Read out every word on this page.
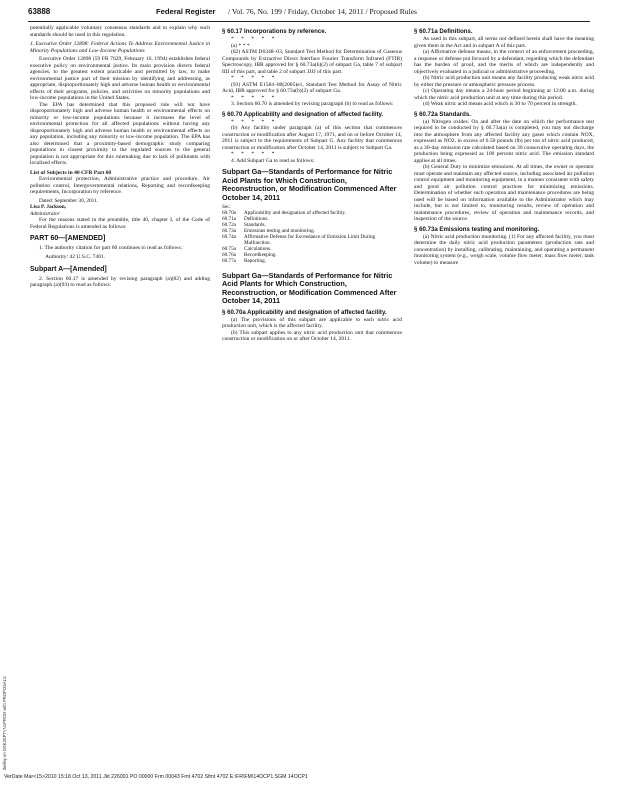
63888	Federal Register / Vol. 76, No. 199 / Friday, October 14, 2011 / Proposed Rules

potentially applicable voluntary consensus standards and to explain why such standards should be used in this regulation.

J. Executive Order 12898: Federal Actions To Address Environmental Justice in Minority Populations and Low-Income Populations

Executive Order 12898 (59 FR 7629, February 16, 1994) establishes federal executive policy on environmental justice. Its main provision directs federal agencies, to the greatest extent practicable and permitted by law, to make environmental justice part of their mission by identifying and addressing, as appropriate, disproportionately high and adverse human health or environmental effects of their programs, policies, and activities on minority populations and low-income populations in the United States.

The EPA has determined that this proposed rule will not have disproportionately high and adverse human health or environmental effects on minority or low-income populations because it increases the level of environmental protection for all affected populations without having any disproportionately high and adverse human health or environmental effects on any population, including any minority or low-income population. The EPA has also determined that a proximity-based demographic study comparing populations in closest proximity to the regulated sources to the general population is not appropriate for this rulemaking due to lack of pollutants with localized effects.

List of Subjects in 40 CFR Part 60

Environmental protection, Administrative practice and procedure, Air pollution control, Intergovernmental relations, Reporting and recordkeeping requirements, Incorporation by reference.

Dated: September 30, 2011.

Lisa P. Jackson,

Administrator

For the reasons stated in the preamble, title 40, chapter I, of the Code of Federal Regulations is amended as follows:

PART 60—[AMENDED]

1. The authority citation for part 60 continues to read as follows:

Authority: 42 U.S.C. 7401.

Subpart A—[Amended]

2. Section 60.17 is amended by revising paragraph (a)(82) and adding paragraph (a)(93) to read as follows:

§ 60.17 Incorporations by reference.

* * * * *

(a) * * *

(82) ASTM D6348–03, Standard Test Method for Determination of Gaseous Compounds by Extractive Direct Interface Fourier Transform Infrared (FTIR) Spectroscopy, IBR approved for § 60.73a(b)(2) of subpart Ga, table 7 of subpart IIII of this part, and table 2 of subpart JJJJ of this part.

* * * * *

(93) ASTM E1584–00(2005)e1, Standard Test Method for Assay of Nitric Acid, IBR approved for § 60.73a(b)(2) of subpart Ga.

* * * * *

3. Section 60.70 is amended by revising paragraph (b) to read as follows:

§ 60.70 Applicability and designation of affected facility.

* * * * *

(b) Any facility under paragraph (a) of this section that commences construction or modification after August 17, 1971, and on or before October 14, 2011 is subject to the requirements of Subpart G. Any facility that commences construction or modification after October 14, 2011 is subject to Subpart Ga.

* * * * *

4. Add Subpart Ga to read as follows:

Subpart Ga—Standards of Performance for Nitric Acid Plants for Which Construction, Reconstruction, or Modification Commenced After October 14, 2011
Sec.
60.70a	Applicability and designation of affected facility.
60.71a	Definitions.
60.72a	Standards.
60.73a	Emissions testing and monitoring.
60.74a	Affirmative Defense for Exceedance of Emission Limit During Malfunction.
60.75a	Calculations.
60.76a	Recordkeeping.
60.77a	Reporting.
Subpart Ga—Standards of Performance for Nitric Acid Plants for Which Construction, Reconstruction, or Modification Commenced After October 14, 2011
§ 60.70a Applicability and designation of affected facility.

(a) The provisions of this subpart are applicable to each nitric acid production unit, which is the affected facility.

(b) This subpart applies to any nitric acid production unit that commences construction or modification on or after October 14, 2011.

§ 60.71a Definitions.

As used in this subpart, all terms not defined herein shall have the meaning given them in the Act and in subpart A of this part.

(a) Affirmative defense means, in the context of an enforcement proceeding, a response or defense put forward by a defendant, regarding which the defendant has the burden of proof, and the merits of which are independently and objectively evaluated in a judicial or administrative proceeding.

(b) Nitric acid production unit means any facility producing weak nitric acid by either the pressure or atmospheric pressure process.

(c) Operating day means a 24-hour period beginning at 12:00 a.m. during which the nitric acid production unit at any time during this period.

(d) Weak nitric acid means acid which is 30 to 70 percent in strength.

§ 60.72a Standards.

(a) Nitrogen oxides. On and after the date on which the performance test required to be conducted by § 60.73a(a) is completed, you may not discharge into the atmosphere from any affected facility any gases which contain NOX, expressed as NO2, in excess of 0.50 pounds (lb) per ton of nitric acid produced, as a 30-day emission rate calculated based on 30 consecutive operating days, the production being expressed as 100 percent nitric acid. The emission standard applies at all times.

(b) General Duty to minimize emissions. At all times, the owner or operator must operate and maintain any affected source, including associated air pollution control equipment and monitoring equipment, in a manner consistent with safety and good air pollution control practices for minimizing emissions. Determination of whether such operation and maintenance procedures are being used will be based on information available to the Administrator which may include, but is not limited to, monitoring results, review of operation and maintenance procedures, review of operation and maintenance records, and inspection of the source.

§ 60.73a Emissions testing and monitoring.

(a) Nitric acid production monitoring. (1) For any affected facility, you must determine the daily nitric acid production parameters (production rate and concentration) by installing, calibrating, maintaining, and operating a permanent monitoring system (e.g., weigh scale, volume flow meter, mass flow meter, tank volume) to measure

tkelley on DSK3SPTVN1PROD with PROPOSALS
VerDate Mar<15>2010 15:18 Oct 13, 2011 Jkt 226001 PO 00000 Frm 00043 Fmt 4702 Sfmt 4702 E:\FR\FM\14OCP1.SGM 14OCP1
